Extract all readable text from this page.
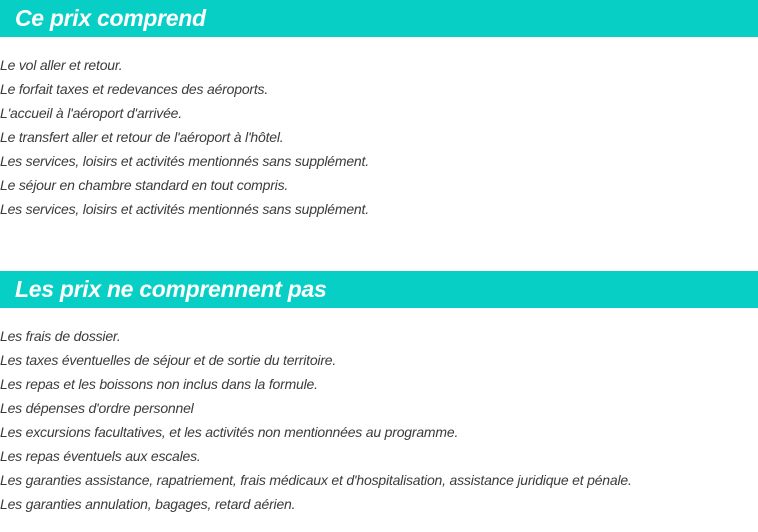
Ce prix comprend
Le vol aller et retour.
Le forfait taxes et redevances des aéroports.
L'accueil à l'aéroport d'arrivée.
Le transfert aller et retour de l'aéroport à l'hôtel.
Les services, loisirs et activités mentionnés sans supplément.
Le séjour en chambre standard en tout compris.
Les services, loisirs et activités mentionnés sans supplément.
Les prix ne comprennent pas
Les frais de dossier.
Les taxes éventuelles de séjour et de sortie du territoire.
Les repas et les boissons non inclus dans la formule.
Les dépenses d'ordre personnel
Les excursions facultatives, et les activités non mentionnées au programme.
Les repas éventuels aux escales.
Les garanties assistance, rapatriement, frais médicaux et d'hospitalisation, assistance juridique et pénale.
Les garanties annulation, bagages, retard aérien.
